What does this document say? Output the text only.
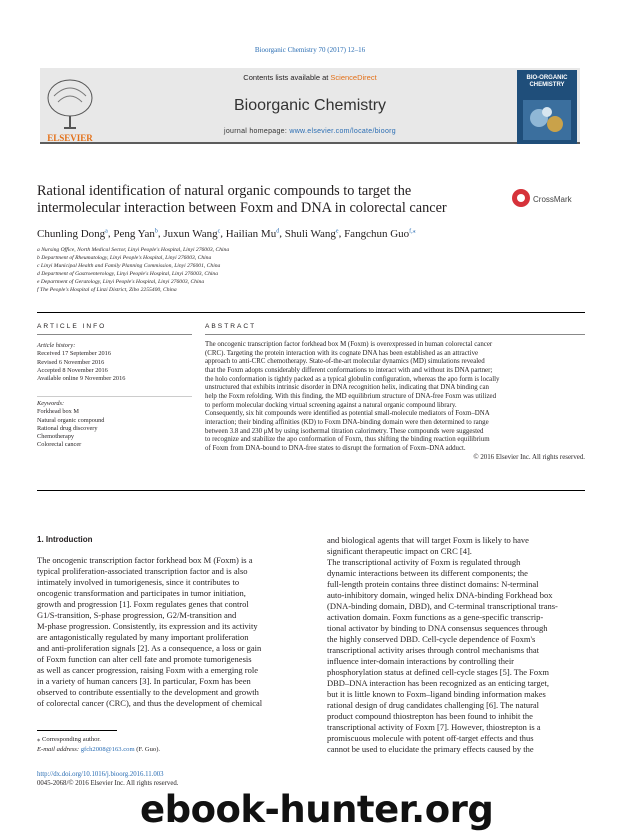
Bioorganic Chemistry 70 (2017) 12–16
ELSEVIER
Contents lists available at ScienceDirect
Bioorganic Chemistry
journal homepage: www.elsevier.com/locate/bioorg
BIO-ORGANIC CHEMISTRY
Rational identification of natural organic compounds to target the
intermolecular interaction between Foxm and DNA in colorectal cancer
CrossMark
Chunling Dong$^a$, Peng Yan$^b$, Juxun Wang$^c$, Hailian Mu$^d$, Shuli Wang$^e$, Fangchun Guo$^{f,⁎}$
a Nursing Office, North Medical Sector, Linyi People's Hospital, Linyi 276003, China
b Department of Rheumatology, Linyi People's Hospital, Linyi 276003, China
c Linyi Municipal Health and Family Planning Commission, Linyi 276001, China
d Department of Gastroenterology, Linyi People's Hospital, Linyi 276003, China
e Department of Geratology, Linyi People's Hospital, Linyi 276003, China
f The People's Hospital of Linzi District, Zibo 2255400, China
ARTICLE INFO	ABSTRACT
Article history:
Received 17 September 2016
Revised 6 November 2016
Accepted 8 November 2016
Available online 9 November 2016
Keywords:
Forkhead box M
Natural organic compound
Rational drug discovery
Chemotherapy
Colorectal cancer
The oncogenic transcription factor forkhead box M (Foxm) is overexpressed in human colorectal cancer
(CRC). Targeting the protein interaction with its cognate DNA has been established as an attractive
approach to anti-CRC chemotherapy. State-of-the-art molecular dynamics (MD) simulations revealed
that the Foxm adopts considerably different conformations to interact with and without its DNA partner;
the holo conformation is tightly packed as a typical globulin configuration, whereas the apo form is locally
unstructured that exhibits intrinsic disorder in DNA recognition helix, indicating that DNA binding can
help the Foxm refolding. With this finding, the MD equilibrium structure of DNA-free Foxm was utilized
to perform molecular docking virtual screening against a natural organic compound library.
Consequently, six hit compounds were identified as potential small-molecule mediators of Foxm–DNA
interaction; their binding affinities (KD) to Foxm DNA-binding domain were then determined to range
between 3.8 and 230 μM by using isothermal titration calorimetry. These compounds were suggested
to recognize and stabilize the apo conformation of Foxm, thus shifting the binding reaction equilibrium
of Foxm from DNA-bound to DNA-free states to disrupt the formation of Foxm–DNA adduct.
© 2016 Elsevier Inc. All rights reserved.
1. Introduction
The oncogenic transcription factor forkhead box M (Foxm) is a
typical proliferation-associated transcription factor and is also
intimately involved in tumorigenesis, since it contributes to
oncogenic transformation and participates in tumor initiation,
growth and progression [1]. Foxm regulates genes that control
G1/S-transition, S-phase progression, G2/M-transition and
M-phase progression. Consistently, its expression and its activity
are antagonistically regulated by many important proliferation
and anti-proliferation signals [2]. As a consequence, a loss or gain
of Foxm function can alter cell fate and promote tumorigenesis
as well as cancer progression, raising Foxm with a emerging role
in a variety of human cancers [3]. In particular, Foxm has been
observed to contribute essentially to the development and growth
of colorectal cancer (CRC), and thus the development of chemical
and biological agents that will target Foxm is likely to have
significant therapeutic impact on CRC [4].
The transcriptional activity of Foxm is regulated through
dynamic interactions between its different components; the
full-length protein contains three distinct domains: N-terminal
auto-inhibitory domain, winged helix DNA-binding Forkhead box
(DNA-binding domain, DBD), and C-terminal transcriptional trans-
activation domain. Foxm functions as a gene-specific transcrip-
tional activator by binding to DNA consensus sequences through
the highly conserved DBD. Cell-cycle dependence of Foxm's
transcriptional activity arises through control mechanisms that
influence inter-domain interactions by controlling their
phosphorylation status at defined cell-cycle stages [5]. The Foxm
DBD–DNA interaction has been recognized as an enticing target,
but it is little known to Foxm–ligand binding information makes
rational design of drug candidates challenging [6]. The natural
product compound thiostrepton has been found to inhibit the
transcriptional activity of Foxm [7]. However, thiostrepton is a
promiscuous molecule with potent off-target effects and thus
cannot be used to elucidate the primary effects caused by the
⁎ Corresponding author.
E-mail address: gfch2008@163.com (F. Guo).
http://dx.doi.org/10.1016/j.bioorg.2016.11.003
0045-2068/© 2016 Elsevier Inc. All rights reserved.
ebook-hunter.org
